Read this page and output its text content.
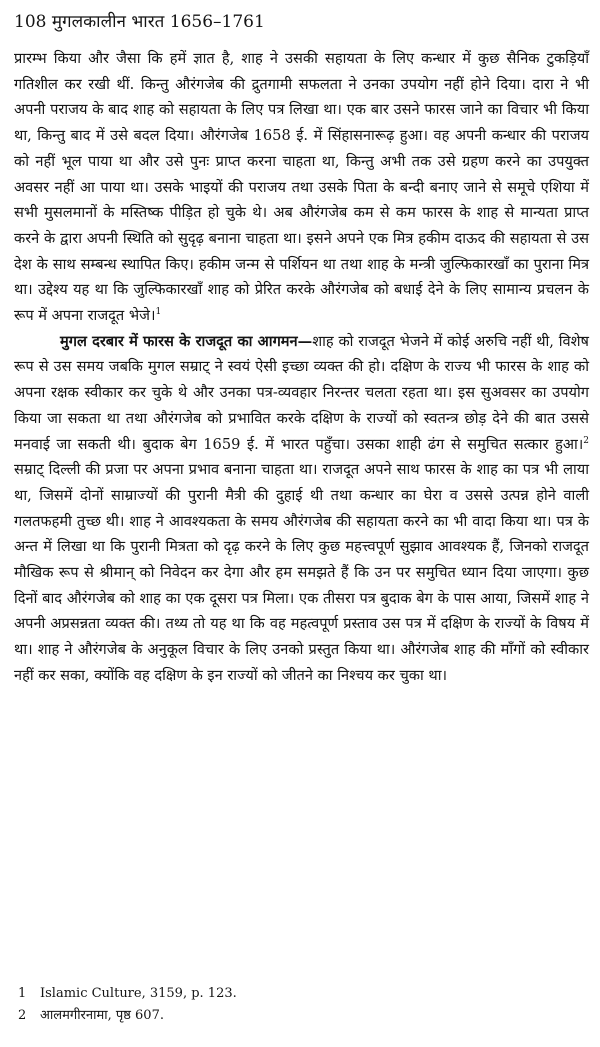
108 मुगलकालीन भारत 1656–1761

प्रारम्भ किया और जैसा कि हमें ज्ञात है, शाह ने उसकी सहायता के लिए कन्धार में कुछ सैनिक टुकड़ियाँ गतिशील कर रखी थीं. किन्तु औरंगजेब की द्रुतगामी सफलता ने उनका उपयोग नहीं होने दिया। दारा ने भी अपनी पराजय के बाद शाह को सहायता के लिए पत्र लिखा था। एक बार उसने फारस जाने का विचार भी किया था, किन्तु बाद में उसे बदल दिया। औरंगजेब 1658 ई. में सिंहासनारूढ़ हुआ। वह अपनी कन्धार की पराजय को नहीं भूल पाया था और उसे पुनः प्राप्त करना चाहता था, किन्तु अभी तक उसे ग्रहण करने का उपयुक्त अवसर नहीं आ पाया था। उसके भाइयों की पराजय तथा उसके पिता के बन्दी बनाए जाने से समूचे एशिया में सभी मुसलमानों के मस्तिष्क पीड़ित हो चुके थे। अब औरंगजेब कम से कम फारस के शाह से मान्यता प्राप्त करने के द्वारा अपनी स्थिति को सुदृढ़ बनाना चाहता था। इसने अपने एक मित्र हकीम दाऊद की सहायता से उस देश के साथ सम्बन्ध स्थापित किए। हकीम जन्म से पर्शियन था तथा शाह के मन्त्री जुल्फिकारखाँ का पुराना मित्र था। उद्देश्य यह था कि जुल्फिकारखाँ शाह को प्रेरित करके औरंगजेब को बधाई देने के लिए सामान्य प्रचलन के रूप में अपना राजदूत भेजे।$^1$

मुगल दरबार में फारस के राजदूत का आगमन—शाह को राजदूत भेजने में कोई अरुचि नहीं थी, विशेष रूप से उस समय जबकि मुगल सम्राट् ने स्वयं ऐसी इच्छा व्यक्त की हो। दक्षिण के राज्य भी फारस के शाह को अपना रक्षक स्वीकार कर चुके थे और उनका पत्र-व्यवहार निरन्तर चलता रहता था। इस सुअवसर का उपयोग किया जा सकता था तथा औरंगजेब को प्रभावित करके दक्षिण के राज्यों को स्वतन्त्र छोड़ देने की बात उससे मनवाई जा सकती थी। बुदाक बेग 1659 ई. में भारत पहुँचा। उसका शाही ढंग से समुचित सत्कार हुआ।$^2$ सम्राट् दिल्ली की प्रजा पर अपना प्रभाव बनाना चाहता था। राजदूत अपने साथ फारस के शाह का पत्र भी लाया था, जिसमें दोनों साम्राज्यों की पुरानी मैत्री की दुहाई थी तथा कन्धार का घेरा व उससे उत्पन्न होने वाली गलतफहमी तुच्छ थी। शाह ने आवश्यकता के समय औरंगजेब की सहायता करने का भी वादा किया था। पत्र के अन्त में लिखा था कि पुरानी मित्रता को दृढ़ करने के लिए कुछ महत्त्वपूर्ण सुझाव आवश्यक हैं, जिनको राजदूत मौखिक रूप से श्रीमान् को निवेदन कर देगा और हम समझते हैं कि उन पर समुचित ध्यान दिया जाएगा। कुछ दिनों बाद औरंगजेब को शाह का एक दूसरा पत्र मिला। एक तीसरा पत्र बुदाक बेग के पास आया, जिसमें शाह ने अपनी अप्रसन्नता व्यक्त की। तथ्य तो यह था कि वह महत्वपूर्ण प्रस्ताव उस पत्र में दक्षिण के राज्यों के विषय में था। शाह ने औरंगजेब के अनुकूल विचार के लिए उनको प्रस्तुत किया था। औरंगजेब शाह की माँगों को स्वीकार नहीं कर सका, क्योंकि वह दक्षिण के इन राज्यों को जीतने का निश्चय कर चुका था।

1 Islamic Culture, 3159, p. 123.
2 आलमगीरनामा, पृष्ठ 607.
